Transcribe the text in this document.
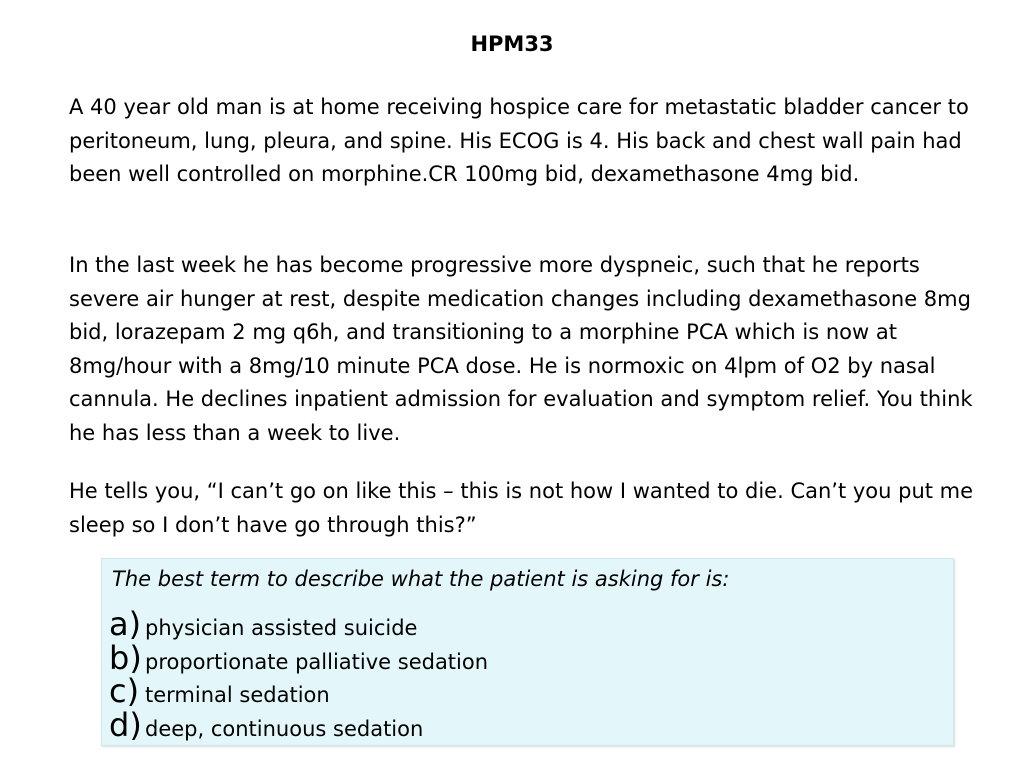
HPM33

A 40 year old man is at home receiving hospice care for metastatic bladder cancer to peritoneum, lung, pleura, and spine. His ECOG is 4. His back and chest wall pain had been well controlled on morphine.CR 100mg bid, dexamethasone 4mg bid.

In the last week he has become progressive more dyspneic, such that he reports severe air hunger at rest, despite medication changes including dexamethasone 8mg bid, lorazepam 2 mg q6h, and transitioning to a morphine PCA which is now at 8mg/hour with a 8mg/10 minute PCA dose. He is normoxic on 4lpm of O2 by nasal cannula. He declines inpatient admission for evaluation and symptom relief. You think he has less than a week to live.

He tells you, “I can’t go on like this – this is not how I wanted to die. Can’t you put me sleep so I don’t have go through this?”

The best term to describe what the patient is asking for is:
a) physician assisted suicide
b) proportionate palliative sedation
c) terminal sedation
d) deep, continuous sedation
